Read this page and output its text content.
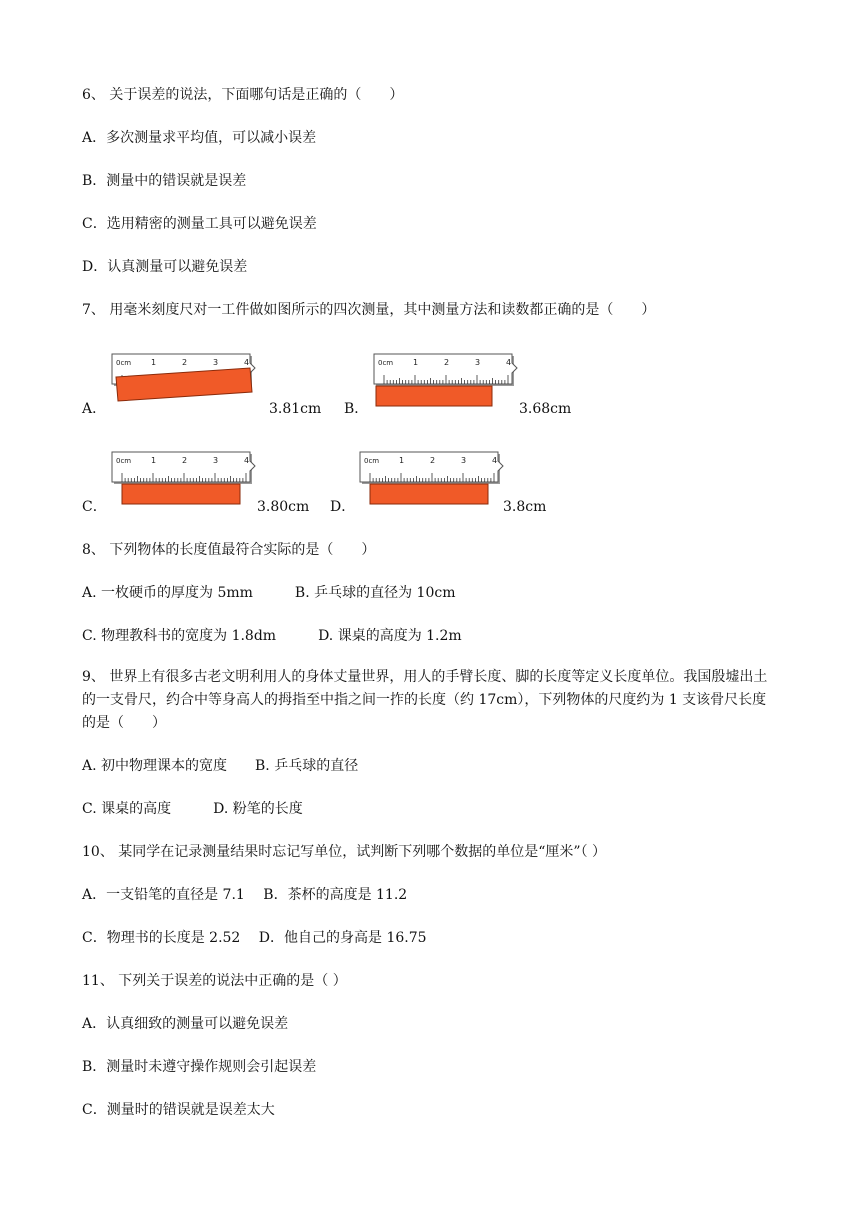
6、 关于误差的说法，下面哪句话是正确的（　　）
A．多次测量求平均值，可以减小误差
B．测量中的错误就是误差
C．选用精密的测量工具可以避免误差
D．认真测量可以避免误差
7、 用毫米刻度尺对一工件做如图所示的四次测量，其中测量方法和读数都正确的是（　　）
A．
0cm 1	2	3	4
3.81cm B．
0cm 1	2	3	4
3.68cm
C．
0cm 1	2	3	4
3.80cm D．
0cm 1	2	3	4
3.8cm
8、 下列物体的长度值最符合实际的是（　　）
A. 一枚硬币的厚度为 5mm　　　B. 乒乓球的直径为 10cm
C. 物理教科书的宽度为 1.8dm　　　D. 课桌的高度为 1.2m
9、 世界上有很多古老文明利用人的身体丈量世界，用人的手臂长度、脚的长度等定义长度单位。我国殷墟出土的一支骨尺，约合中等身高人的拇指至中指之间一拃的长度（约 17cm），下列物体的尺度约为 1 支该骨尺长度的是（　　）
A. 初中物理课本的宽度　　B. 乒乓球的直径
C. 课桌的高度　　　D. 粉笔的长度
10、 某同学在记录测量结果时忘记写单位，试判断下列哪个数据的单位是“厘米”（ ）
A．一支铅笔的直径是 7.1　 B．茶杯的高度是 11.2
C．物理书的长度是 2.52　 D．他自己的身高是 16.75
11、 下列关于误差的说法中正确的是（ ）
A．认真细致的测量可以避免误差
B．测量时未遵守操作规则会引起误差
C．测量时的错误就是误差太大
